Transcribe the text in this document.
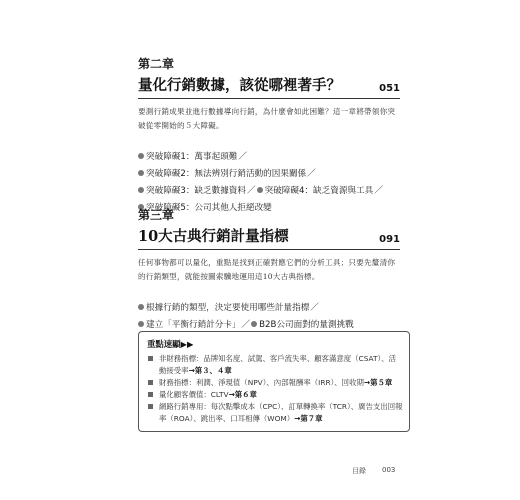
第二章
量化行銷數據，該從哪裡著手？	051
要測行銷成果並進行數據導向行銷，為什麼會如此困難？這一章將帶領你突破從零開始的５大障礙。
突破障礙1：萬事起頭難／突破障礙2：無法辨別行銷活動的因果關係／突破障礙3：缺乏數據資料／ 突破障礙4：缺乏資源與工具／突破障礙5：公司其他人拒絕改變
第三章
10大古典行銷計量指標	091
任何事物都可以量化，重點是找到正確對應它們的分析工具；只要先釐清你的行銷類型，就能按圖索驥地運用這10大古典指標。
根據行銷的類型，決定要使用哪些計量指標／建立「平衡行銷計分卡」／ B2B公司面對的量測挑戰
重點速顯▶▶
非財務指標：品牌知名度、試駕、客戶流失率、顧客滿意度（CSAT）、活動接受率→第３、４章
財務指標：利潤、淨現值（NPV）、內部報酬率（IRR）、回收期→第５章
量化顧客價值：CLTV→第６章
網路行銷專用：每次點擊成本（CPC）、訂單轉換率（TCR）、廣告支出回報率（ROA）、跳出率、口耳相傳（WOM）→第７章
目錄 003
